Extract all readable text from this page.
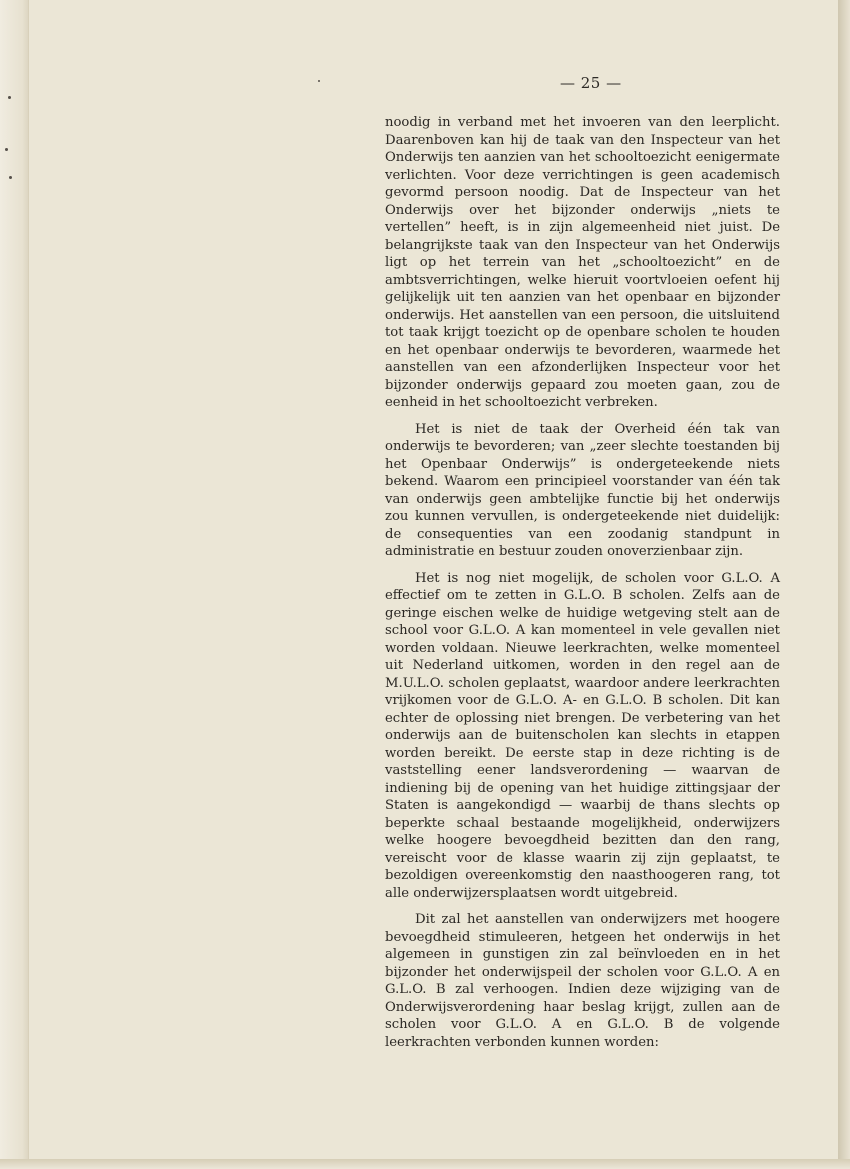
— 25 —

noodig in verband met het invoeren van den leerplicht. Daarenboven kan hij de taak van den Inspecteur van het Onderwijs ten aanzien van het schooltoezicht eenigermate verlichten. Voor deze verrichtingen is geen academisch gevormd persoon noodig. Dat de Inspecteur van het Onderwijs over het bijzonder onderwijs „niets te vertellen” heeft, is in zijn algemeenheid niet juist. De belangrijkste taak van den Inspecteur van het Onderwijs ligt op het terrein van het „schooltoezicht” en de ambtsverrichtingen, welke hieruit voortvloeien oefent hij gelijkelijk uit ten aanzien van het openbaar en bijzonder onderwijs. Het aanstellen van een persoon, die uitsluitend tot taak krijgt toezicht op de openbare scholen te houden en het openbaar onderwijs te bevorderen, waarmede het aanstellen van een afzonderlijken Inspecteur voor het bijzonder onderwijs gepaard zou moeten gaan, zou de eenheid in het schooltoezicht verbreken.

Het is niet de taak der Overheid één tak van onderwijs te bevorderen; van „zeer slechte toestanden bij het Openbaar Onderwijs” is ondergeteekende niets bekend. Waarom een principieel voorstander van één tak van onderwijs geen ambtelijke functie bij het onderwijs zou kunnen vervullen, is ondergeteekende niet duidelijk: de consequenties van een zoodanig standpunt in administratie en bestuur zouden onoverzienbaar zijn.

Het is nog niet mogelijk, de scholen voor G.L.O. A effectief om te zetten in G.L.O. B scholen. Zelfs aan de geringe eischen welke de huidige wetgeving stelt aan de school voor G.L.O. A kan momenteel in vele gevallen niet worden voldaan. Nieuwe leerkrachten, welke momenteel uit Nederland uitkomen, worden in den regel aan de M.U.L.O. scholen geplaatst, waardoor andere leerkrachten vrijkomen voor de G.L.O. A- en G.L.O. B scholen. Dit kan echter de oplossing niet brengen. De verbetering van het onderwijs aan de buitenscholen kan slechts in etappen worden bereikt. De eerste stap in deze richting is de vaststelling eener landsverordening — waarvan de indiening bij de opening van het huidige zittingsjaar der Staten is aangekondigd — waarbij de thans slechts op beperkte schaal bestaande mogelijkheid, onderwijzers welke hoogere bevoegdheid bezitten dan den rang, vereischt voor de klasse waarin zij zijn geplaatst, te bezoldigen overeenkomstig den naasthoogeren rang, tot alle onderwijzersplaatsen wordt uitgebreid.

Dit zal het aanstellen van onderwijzers met hoogere bevoegdheid stimuleeren, hetgeen het onderwijs in het algemeen in gunstigen zin zal beïnvloeden en in het bijzonder het onderwijspeil der scholen voor G.L.O. A en G.L.O. B zal verhoogen. Indien deze wijziging van de Onderwijsverordening haar beslag krijgt, zullen aan de scholen voor G.L.O. A en G.L.O. B de volgende leerkrachten verbonden kunnen worden:
